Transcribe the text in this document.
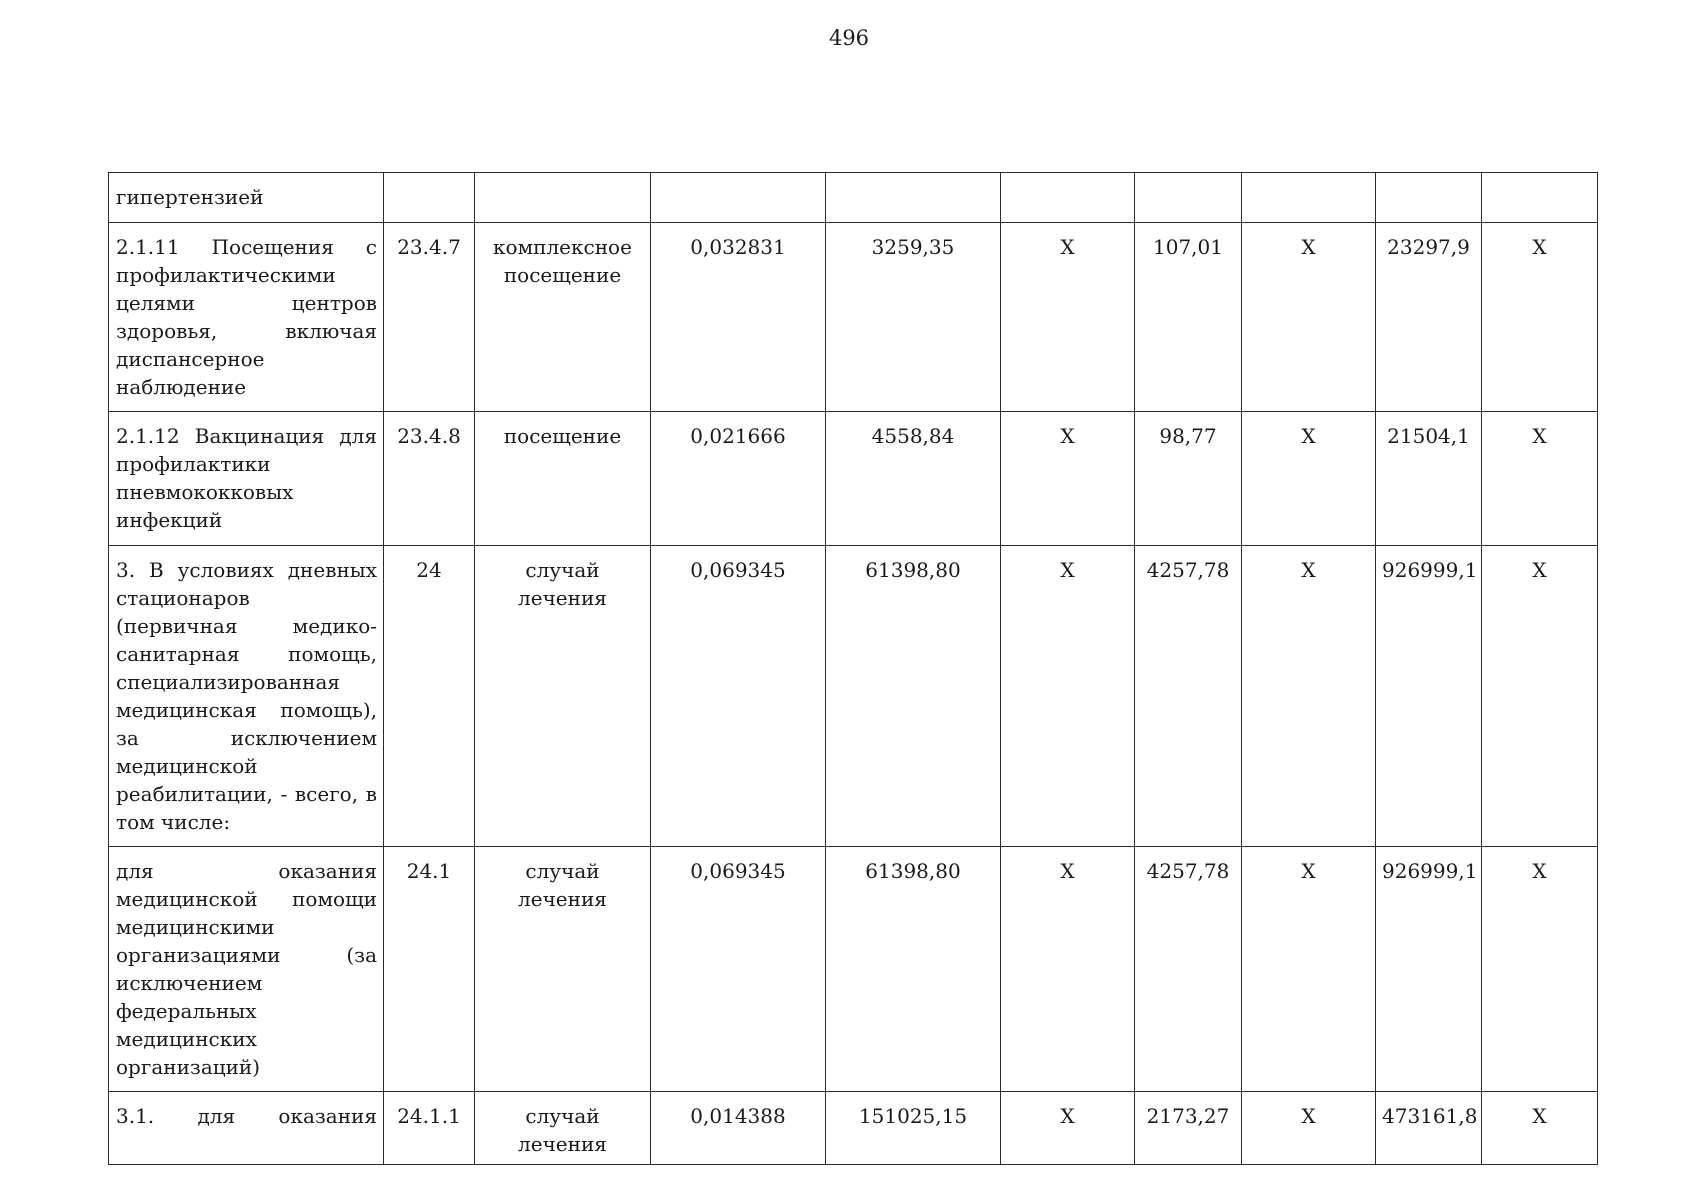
496
гипертензией									
2.1.11 Посещения с профилактическими целями центров здоровья, включая диспансерное наблюдение	23.4.7	комплексное посещение	0,032831	3259,35	Х	107,01	Х	23297,9	Х
2.1.12 Вакцинация для профилактики пневмококковых инфекций	23.4.8	посещение	0,021666	4558,84	Х	98,77	Х	21504,1	Х
3. В условиях дневных стационаров (первичная медико-санитарная помощь, специализированная медицинская помощь), за исключением медицинской реабилитации, - всего, в том числе:	24	случай лечения	0,069345	61398,80	Х	4257,78	Х	926999,1	Х
для оказания медицинской помощи медицинскими организациями (за исключением федеральных медицинских организаций)	24.1	случай лечения	0,069345	61398,80	Х	4257,78	Х	926999,1	Х
3.1. для оказания	24.1.1	случай лечения	0,014388	151025,15	Х	2173,27	Х	473161,8	Х
